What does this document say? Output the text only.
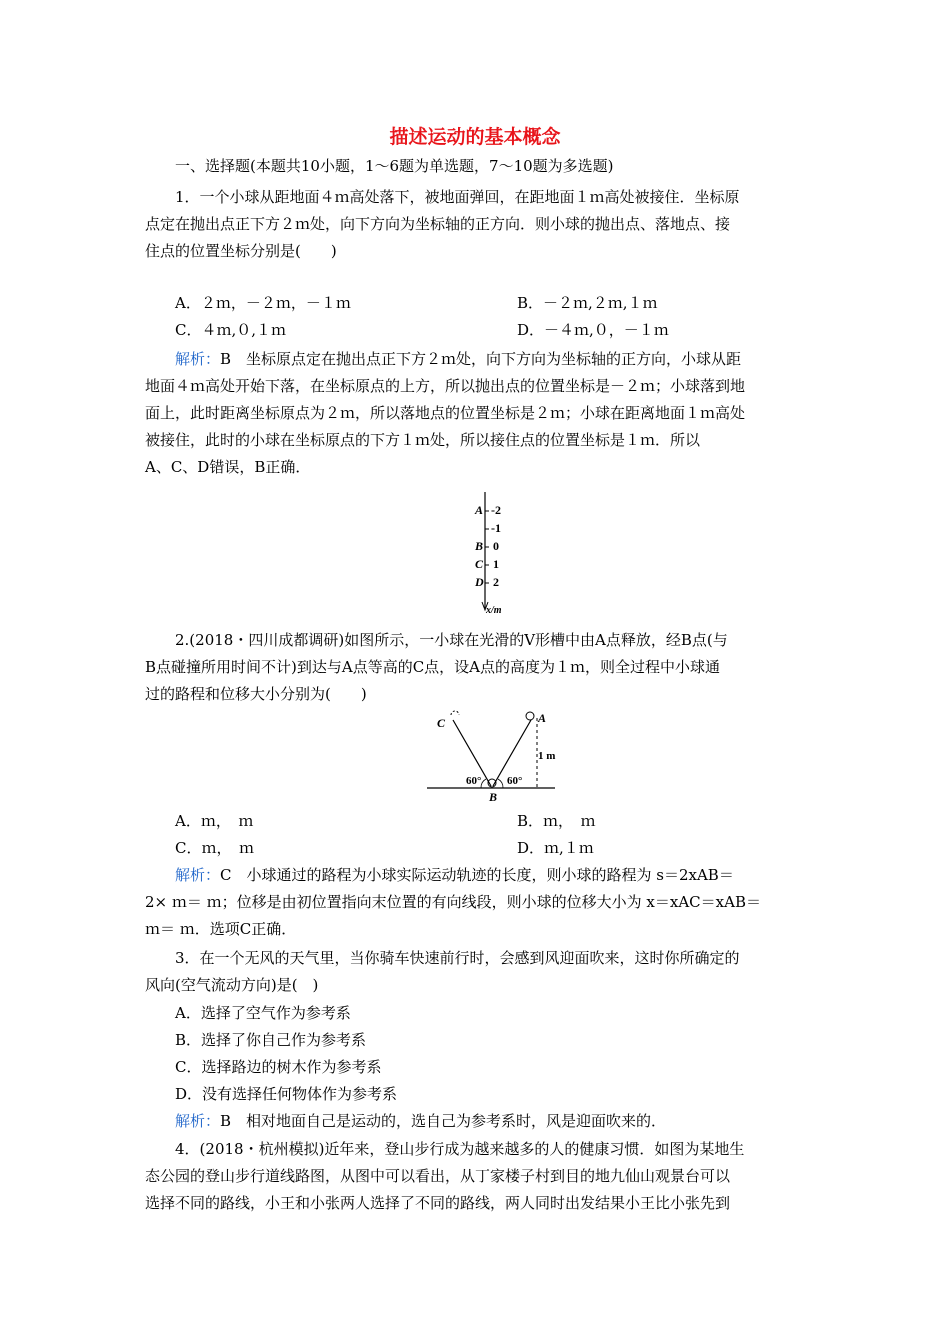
描述运动的基本概念
一、选择题(本题共10小题，1～6题为单选题，7～10题为多选题)
1．一个小球从距地面４ｍ高处落下，被地面弹回，在距地面１ｍ高处被接住．坐标原
点定在抛出点正下方２ｍ处，向下方向为坐标轴的正方向．则小球的抛出点、落地点、接
住点的位置坐标分别是(　　)
A．２ｍ，－２ｍ，－１ｍ	B．－２ｍ,２ｍ,１ｍ
C．４ｍ,０,１ｍ	D．－４ｍ,０，－１ｍ
解析：B　坐标原点定在抛出点正下方２ｍ处，向下方向为坐标轴的正方向，小球从距
地面４ｍ高处开始下落，在坐标原点的上方，所以抛出点的位置坐标是－２ｍ；小球落到地
面上，此时距离坐标原点为２ｍ，所以落地点的位置坐标是２ｍ；小球在距离地面１ｍ高处
被接住，此时的小球在坐标原点的下方１ｍ处，所以接住点的位置坐标是１ｍ．所以
A、C、D错误，B正确．
A
B
C
D
-2
-1
0
1
2
x/m
2.(2018・四川成都调研)如图所示，一小球在光滑的V形槽中由A点释放，经B点(与
B点碰撞所用时间不计)到达与A点等高的C点，设A点的高度为１ｍ，则全过程中小球通
过的路程和位移大小分别为(　　)
C	A
B
1 m
60° 60°
A．ｍ，　ｍ	B．ｍ，　ｍ
C．ｍ，　ｍ	D．ｍ,１ｍ
解析：C　小球通过的路程为小球实际运动轨迹的长度，则小球的路程为 s＝2xAB＝
2× ｍ＝ ｍ；位移是由初位置指向末位置的有向线段，则小球的位移大小为 x＝xAC＝xAB＝
ｍ＝ ｍ．选项C正确．
3．在一个无风的天气里，当你骑车快速前行时，会感到风迎面吹来，这时你所确定的
风向(空气流动方向)是(　)
A．选择了空气作为参考系
B．选择了你自己作为参考系
C．选择路边的树木作为参考系
D．没有选择任何物体作为参考系
解析：B　相对地面自己是运动的，选自己为参考系时，风是迎面吹来的．
4．(2018・杭州模拟)近年来，登山步行成为越来越多的人的健康习惯．如图为某地生
态公园的登山步行道线路图，从图中可以看出，从丁家楼子村到目的地九仙山观景台可以
选择不同的路线，小王和小张两人选择了不同的路线，两人同时出发结果小王比小张先到
